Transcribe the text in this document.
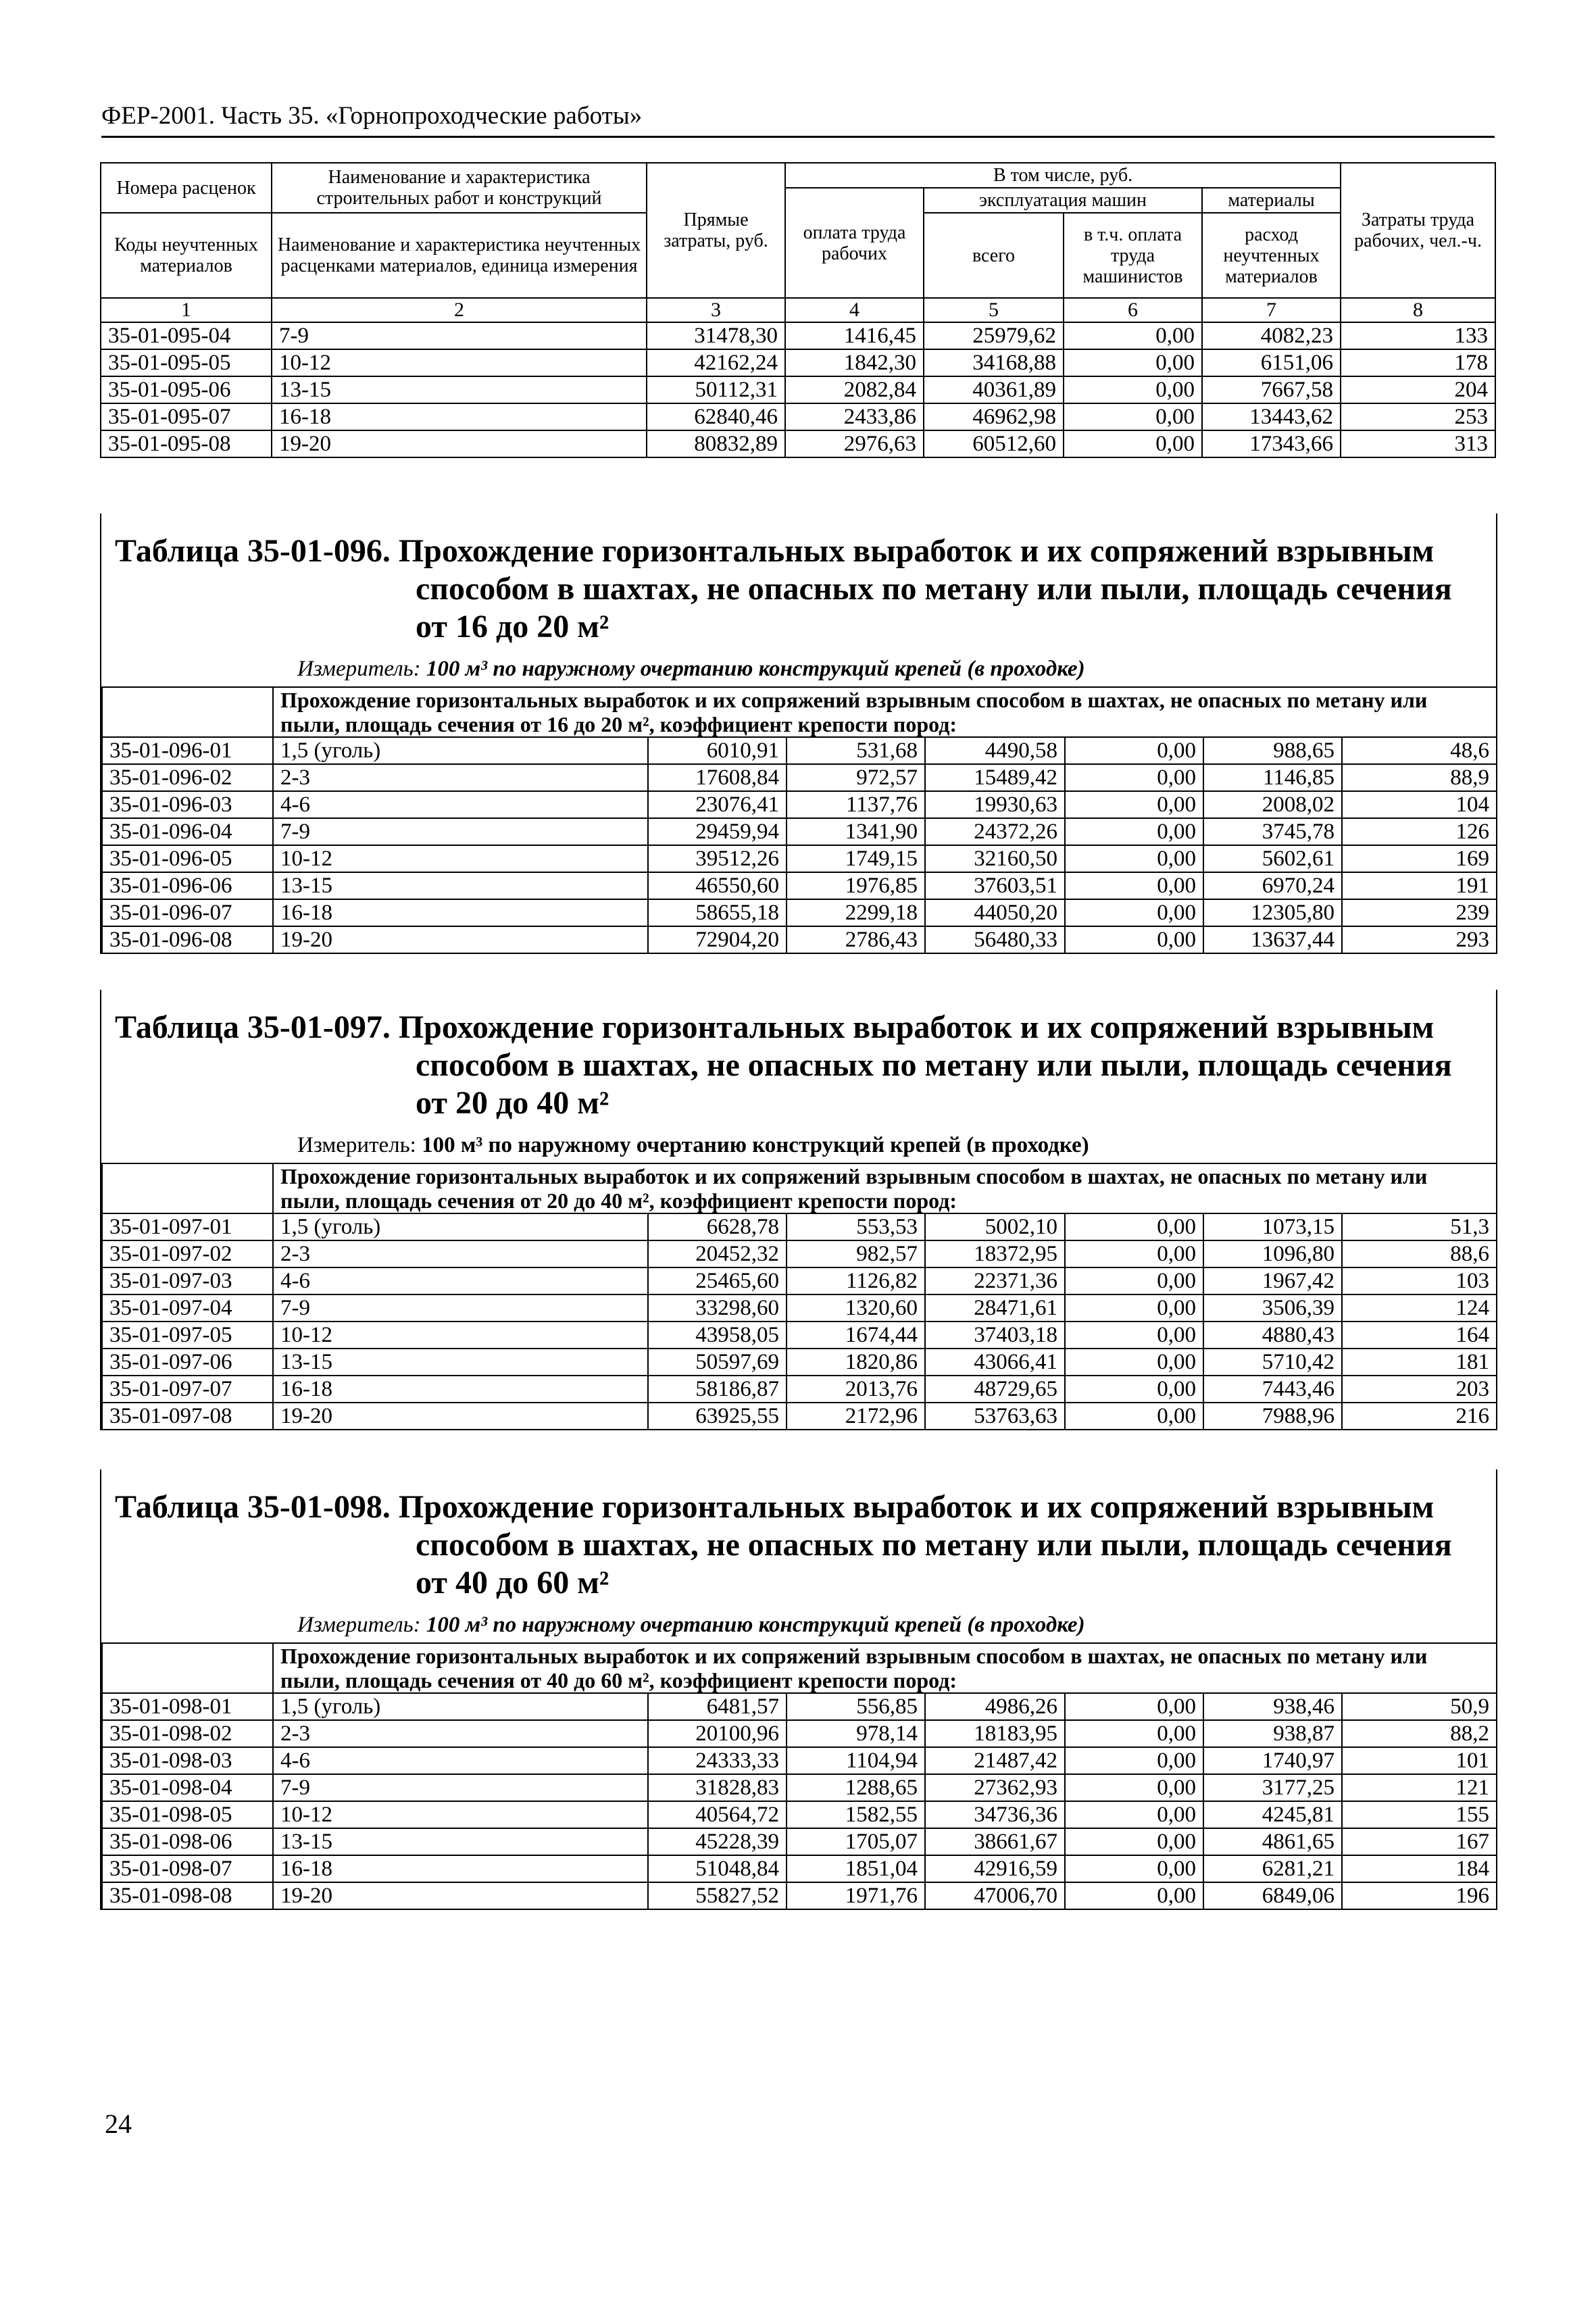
ФЕР-2001. Часть 35. «Горнопроходческие работы»
Номера расценок	Наименование и характеристика строительных работ и конструкций	Прямые затраты, руб.	В том числе, руб.				Затраты труда рабочих, чел.-ч.
			оплата труда рабочих	эксплуатация машин		материалы	
Коды неучтенных материалов	Наименование и характеристика неучтенных расценками материалов, единица измерения			всего	в т.ч. оплата труда машинистов	расход неучтенных материалов	

1	2	3	4	5	6	7	8
35-01-095-04	7-9	31478,30	1416,45	25979,62	0,00	4082,23	133
35-01-095-05	10-12	42162,24	1842,30	34168,88	0,00	6151,06	178
35-01-095-06	13-15	50112,31	2082,84	40361,89	0,00	7667,58	204
35-01-095-07	16-18	62840,46	2433,86	46962,98	0,00	13443,62	253
35-01-095-08	19-20	80832,89	2976,63	60512,60	0,00	17343,66	313

Таблица 35-01-096. Прохождение горизонтальных выработок и их сопряжений взрывным
способом в шахтах, не опасных по метану или пыли, площадь сечения
от 16 до 20 м²

Измеритель: 100 м³ по наружному очертанию конструкций крепей (в проходке)
	Прохождение горизонтальных выработок и их сопряжений взрывным способом в шахтах, не опасных по метану или пыли, площадь сечения от 16 до 20 м², коэффициент крепости пород:						
35-01-096-01	1,5 (уголь)	6010,91	531,68	4490,58	0,00	988,65	48,6
35-01-096-02	2-3	17608,84	972,57	15489,42	0,00	1146,85	88,9
35-01-096-03	4-6	23076,41	1137,76	19930,63	0,00	2008,02	104
35-01-096-04	7-9	29459,94	1341,90	24372,26	0,00	3745,78	126
35-01-096-05	10-12	39512,26	1749,15	32160,50	0,00	5602,61	169
35-01-096-06	13-15	46550,60	1976,85	37603,51	0,00	6970,24	191
35-01-096-07	16-18	58655,18	2299,18	44050,20	0,00	12305,80	239
35-01-096-08	19-20	72904,20	2786,43	56480,33	0,00	13637,44	293

Таблица 35-01-097. Прохождение горизонтальных выработок и их сопряжений взрывным
способом в шахтах, не опасных по метану или пыли, площадь сечения
от 20 до 40 м²

Измеритель: 100 м³ по наружному очертанию конструкций крепей (в проходке)
	Прохождение горизонтальных выработок и их сопряжений взрывным способом в шахтах, не опасных по метану или пыли, площадь сечения от 20 до 40 м², коэффициент крепости пород:						
35-01-097-01	1,5 (уголь)	6628,78	553,53	5002,10	0,00	1073,15	51,3
35-01-097-02	2-3	20452,32	982,57	18372,95	0,00	1096,80	88,6
35-01-097-03	4-6	25465,60	1126,82	22371,36	0,00	1967,42	103
35-01-097-04	7-9	33298,60	1320,60	28471,61	0,00	3506,39	124
35-01-097-05	10-12	43958,05	1674,44	37403,18	0,00	4880,43	164
35-01-097-06	13-15	50597,69	1820,86	43066,41	0,00	5710,42	181
35-01-097-07	16-18	58186,87	2013,76	48729,65	0,00	7443,46	203
35-01-097-08	19-20	63925,55	2172,96	53763,63	0,00	7988,96	216

Таблица 35-01-098. Прохождение горизонтальных выработок и их сопряжений взрывным
способом в шахтах, не опасных по метану или пыли, площадь сечения
от 40 до 60 м²

Измеритель: 100 м³ по наружному очертанию конструкций крепей (в проходке)
	Прохождение горизонтальных выработок и их сопряжений взрывным способом в шахтах, не опасных по метану или пыли, площадь сечения от 40 до 60 м², коэффициент крепости пород:						
35-01-098-01	1,5 (уголь)	6481,57	556,85	4986,26	0,00	938,46	50,9
35-01-098-02	2-3	20100,96	978,14	18183,95	0,00	938,87	88,2
35-01-098-03	4-6	24333,33	1104,94	21487,42	0,00	1740,97	101
35-01-098-04	7-9	31828,83	1288,65	27362,93	0,00	3177,25	121
35-01-098-05	10-12	40564,72	1582,55	34736,36	0,00	4245,81	155
35-01-098-06	13-15	45228,39	1705,07	38661,67	0,00	4861,65	167
35-01-098-07	16-18	51048,84	1851,04	42916,59	0,00	6281,21	184
35-01-098-08	19-20	55827,52	1971,76	47006,70	0,00	6849,06	196
24
